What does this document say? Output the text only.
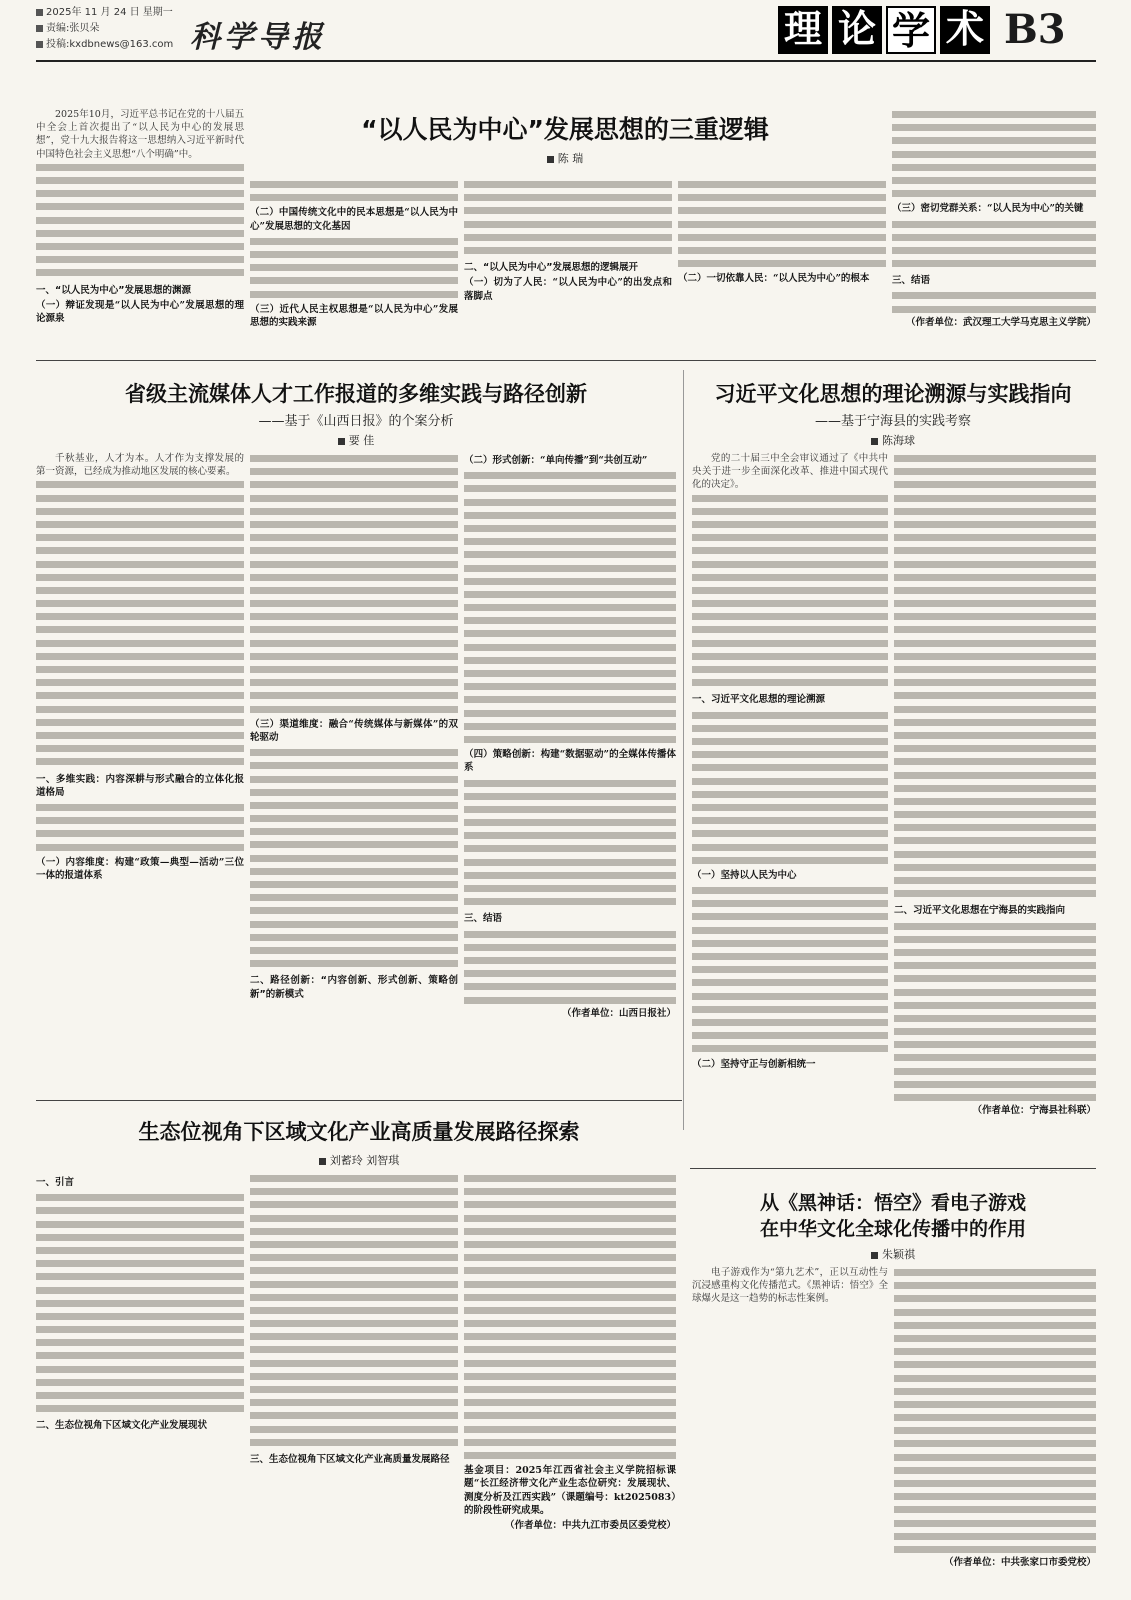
2025年 11 月 24 日 星期一
责编:张贝朵
投稿:kxdbnews@163.com 科学导报	理 论 学 术 B3
“以人民为中心”发展思想的三重逻辑
陈 瑞

2025年10月，习近平总书记在党的十八届五中全会上首次提出了“以人民为中心的发展思想”，党十九大报告将这一思想纳入习近平新时代中国特色社会主义思想“八个明确”中。

一、“以人民为中心”发展思想的渊源
（一）辩证发现是“以人民为中心”发展思想的理论源泉
（二）中国传统文化中的民本思想是“以人民为中心”发展思想的文化基因
（三）近代人民主权思想是“以人民为中心”发展思想的实践来源
二、“以人民为中心”发展思想的逻辑展开
（一）切为了人民：“以人民为中心”的出发点和落脚点
（二）一切依靠人民：“以人民为中心”的根本
（三）密切党群关系：“以人民为中心”的关键
三、结语
（作者单位：武汉理工大学马克思主义学院）
省级主流媒体人才工作报道的多维实践与路径创新
——基于《山西日报》的个案分析
要 佳

千秋基业，人才为本。人才作为支撑发展的第一资源，已经成为推动地区发展的核心要素。

一、多维实践：内容深耕与形式融合的立体化报道格局
（一）内容维度：构建“政策—典型—活动”三位一体的报道体系
（三）渠道维度：融合“传统媒体与新媒体”的双轮驱动
二、路径创新：“内容创新、形式创新、策略创新”的新模式
（二）形式创新：“单向传播”到“共创互动”
（四）策略创新：构建“数据驱动”的全媒体传播体系
三、结语
（作者单位：山西日报社）
习近平文化思想的理论溯源与实践指向
——基于宁海县的实践考察
陈海球

党的二十届三中全会审议通过了《中共中央关于进一步全面深化改革、推进中国式现代化的决定》。

一、习近平文化思想的理论溯源
（一）坚持以人民为中心
（二）坚持守正与创新相统一
二、习近平文化思想在宁海县的实践指向
（作者单位：宁海县社科联）
生态位视角下区域文化产业高质量发展路径探索
刘蓄玲 刘智琪
一、引言
二、生态位视角下区域文化产业发展现状
三、生态位视角下区域文化产业高质量发展路径
基金项目：2025年江西省社会主义学院招标课题“长江经济带文化产业生态位研究：发展现状、测度分析及江西实践”（课题编号：kt2025083）的阶段性研究成果。
（作者单位：中共九江市委员区委党校）
从《黑神话：悟空》看电子游戏
在中华文化全球化传播中的作用
朱颖祺

电子游戏作为“第九艺术”，正以互动性与沉浸感重构文化传播范式。《黑神话：悟空》全球爆火是这一趋势的标志性案例。

（作者单位：中共张家口市委党校）
